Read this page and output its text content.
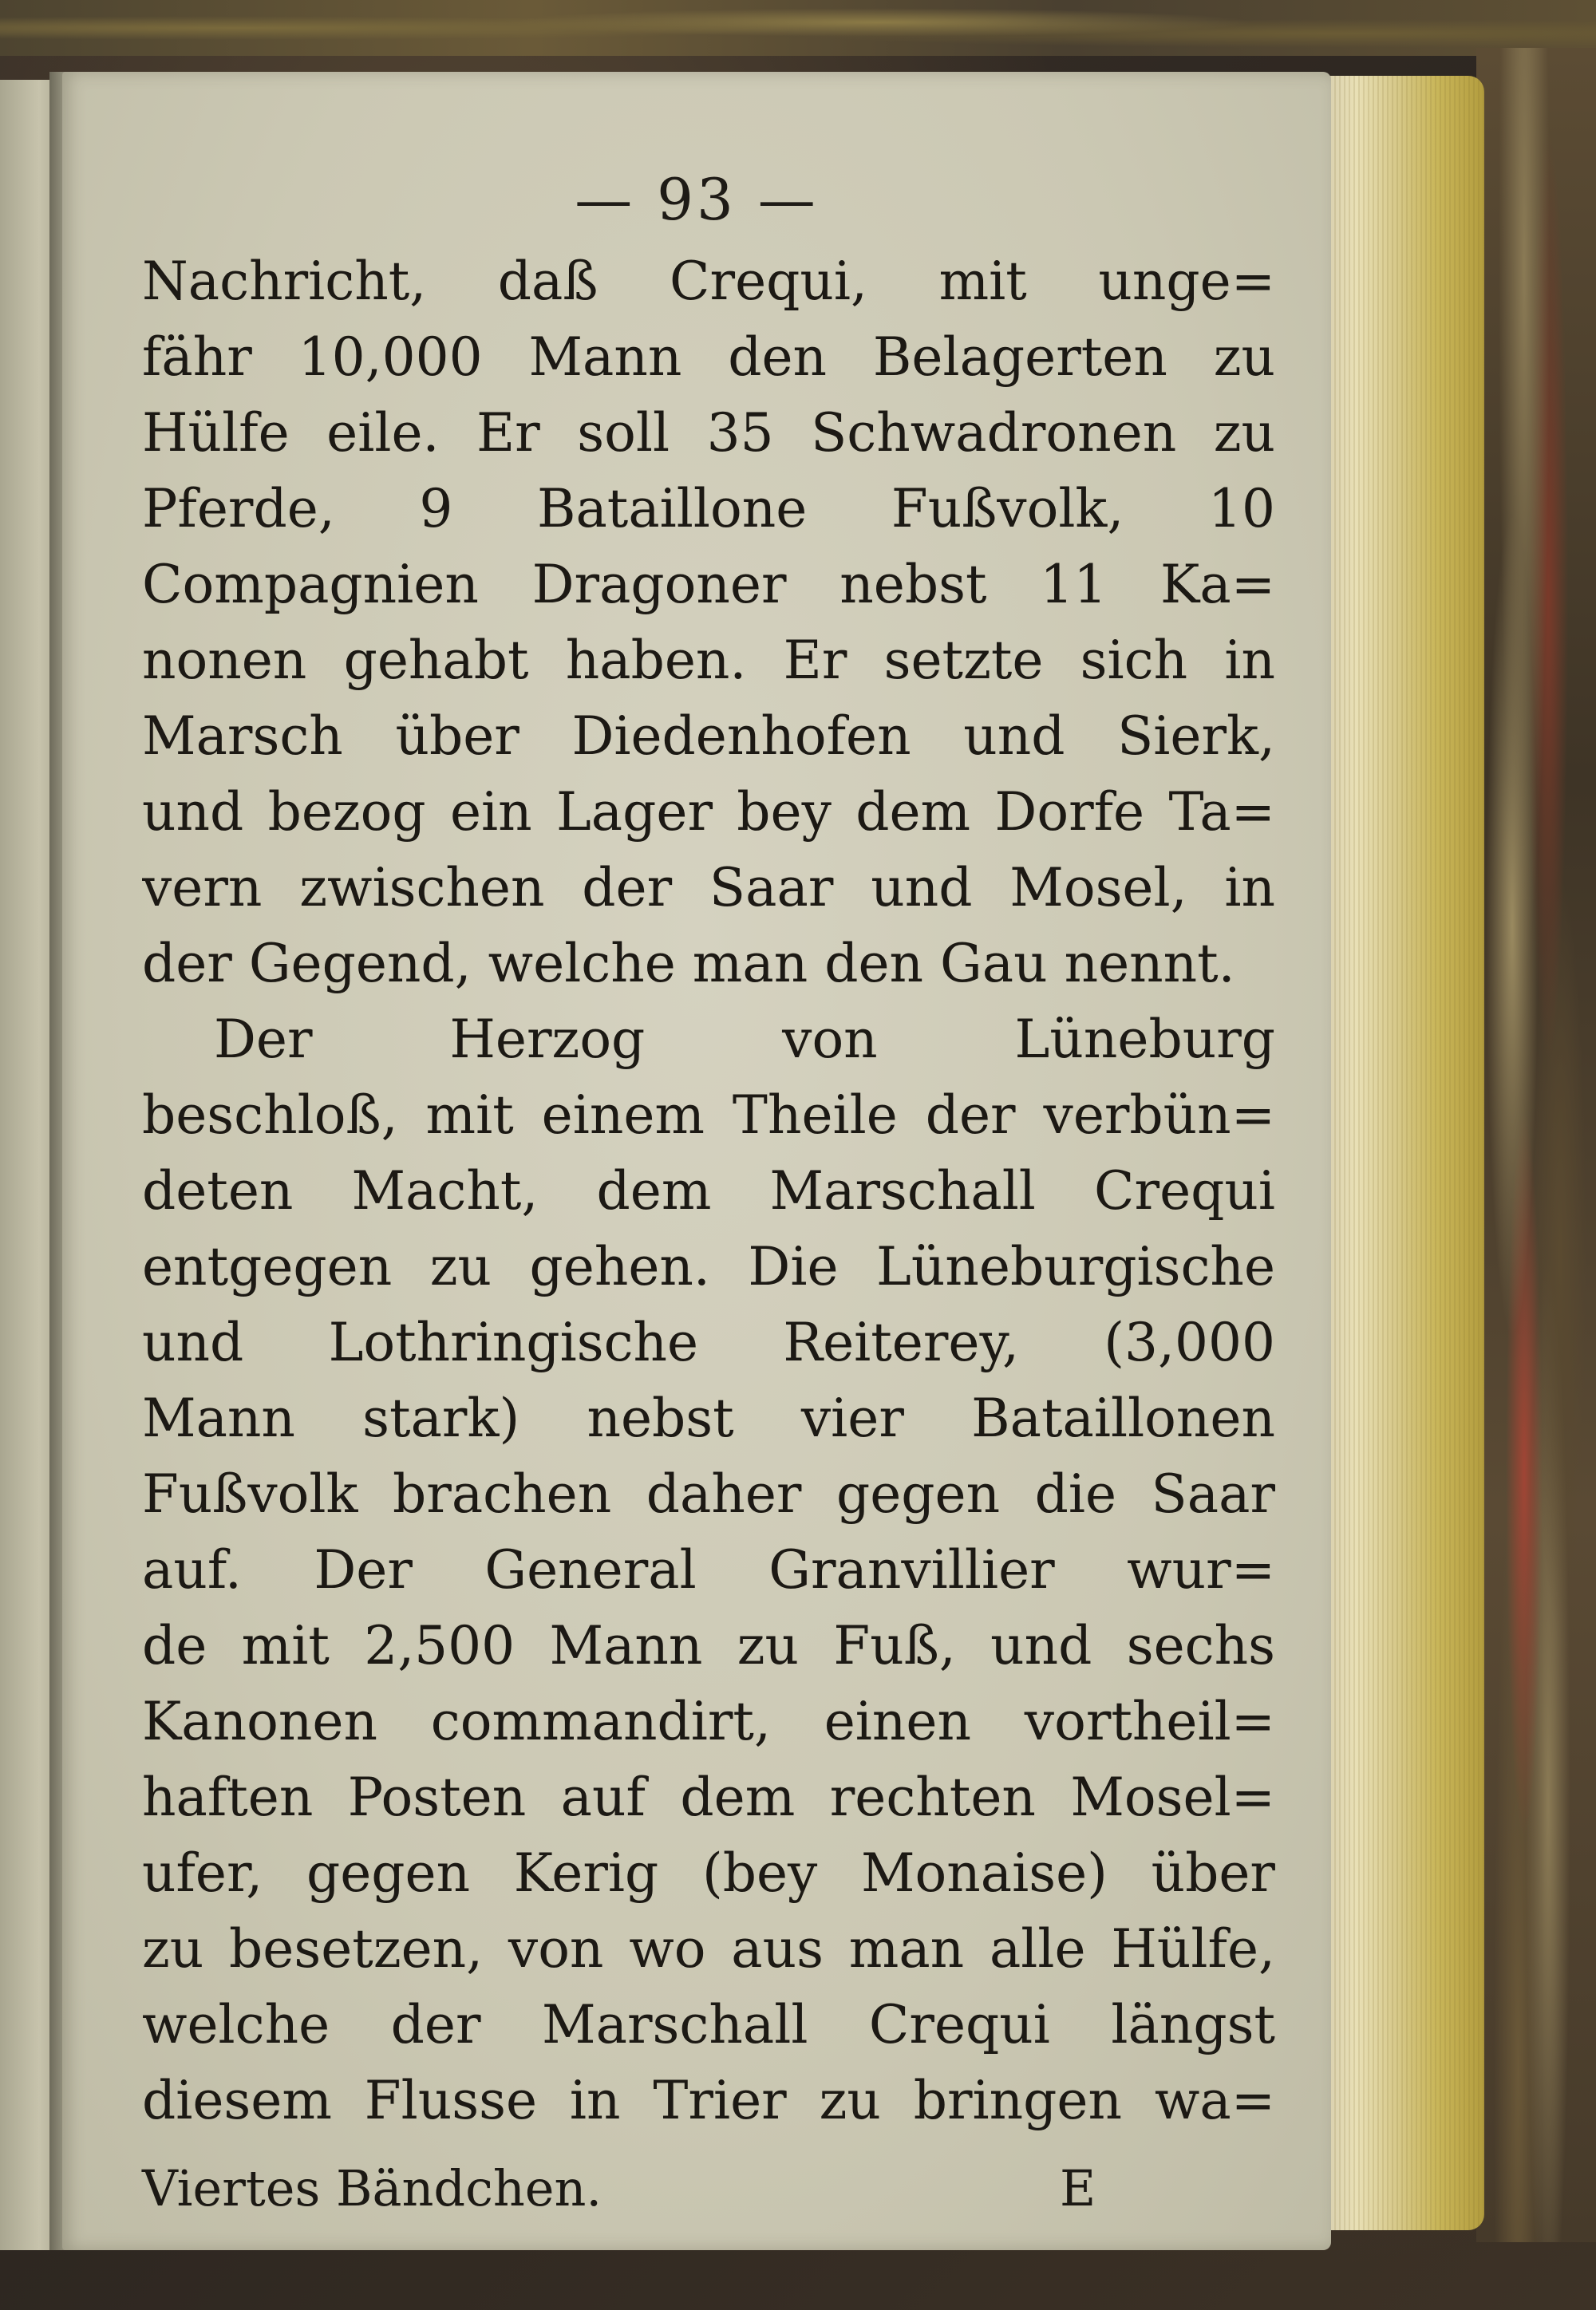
— 93 —

Nachricht, daß Crequi, mit unge=
fähr 10,000 Mann den Belagerten zu
Hülfe eile. Er soll 35 Schwadronen zu
Pferde, 9 Bataillone Fußvolk, 10
Compagnien Dragoner nebst 11 Ka=
nonen gehabt haben. Er setzte sich in
Marsch über Diedenhofen und Sierk,
und bezog ein Lager bey dem Dorfe Ta=
vern zwischen der Saar und Mosel, in
der Gegend, welche man den Gau nennt.
Der Herzog von Lüneburg
beschloß, mit einem Theile der verbün=
deten Macht, dem Marschall Crequi
entgegen zu gehen. Die Lüneburgische
und Lothringische Reiterey, (3,000
Mann stark) nebst vier Bataillonen
Fußvolk brachen daher gegen die Saar
auf. Der General Granvillier wur=
de mit 2,500 Mann zu Fuß, und sechs
Kanonen commandirt, einen vortheil=
haften Posten auf dem rechten Mosel=
ufer, gegen Kerig (bey Monaise) über
zu besetzen, von wo aus man alle Hülfe,
welche der Marschall Crequi längst
diesem Flusse in Trier zu bringen wa=
Viertes Bändchen.	E
